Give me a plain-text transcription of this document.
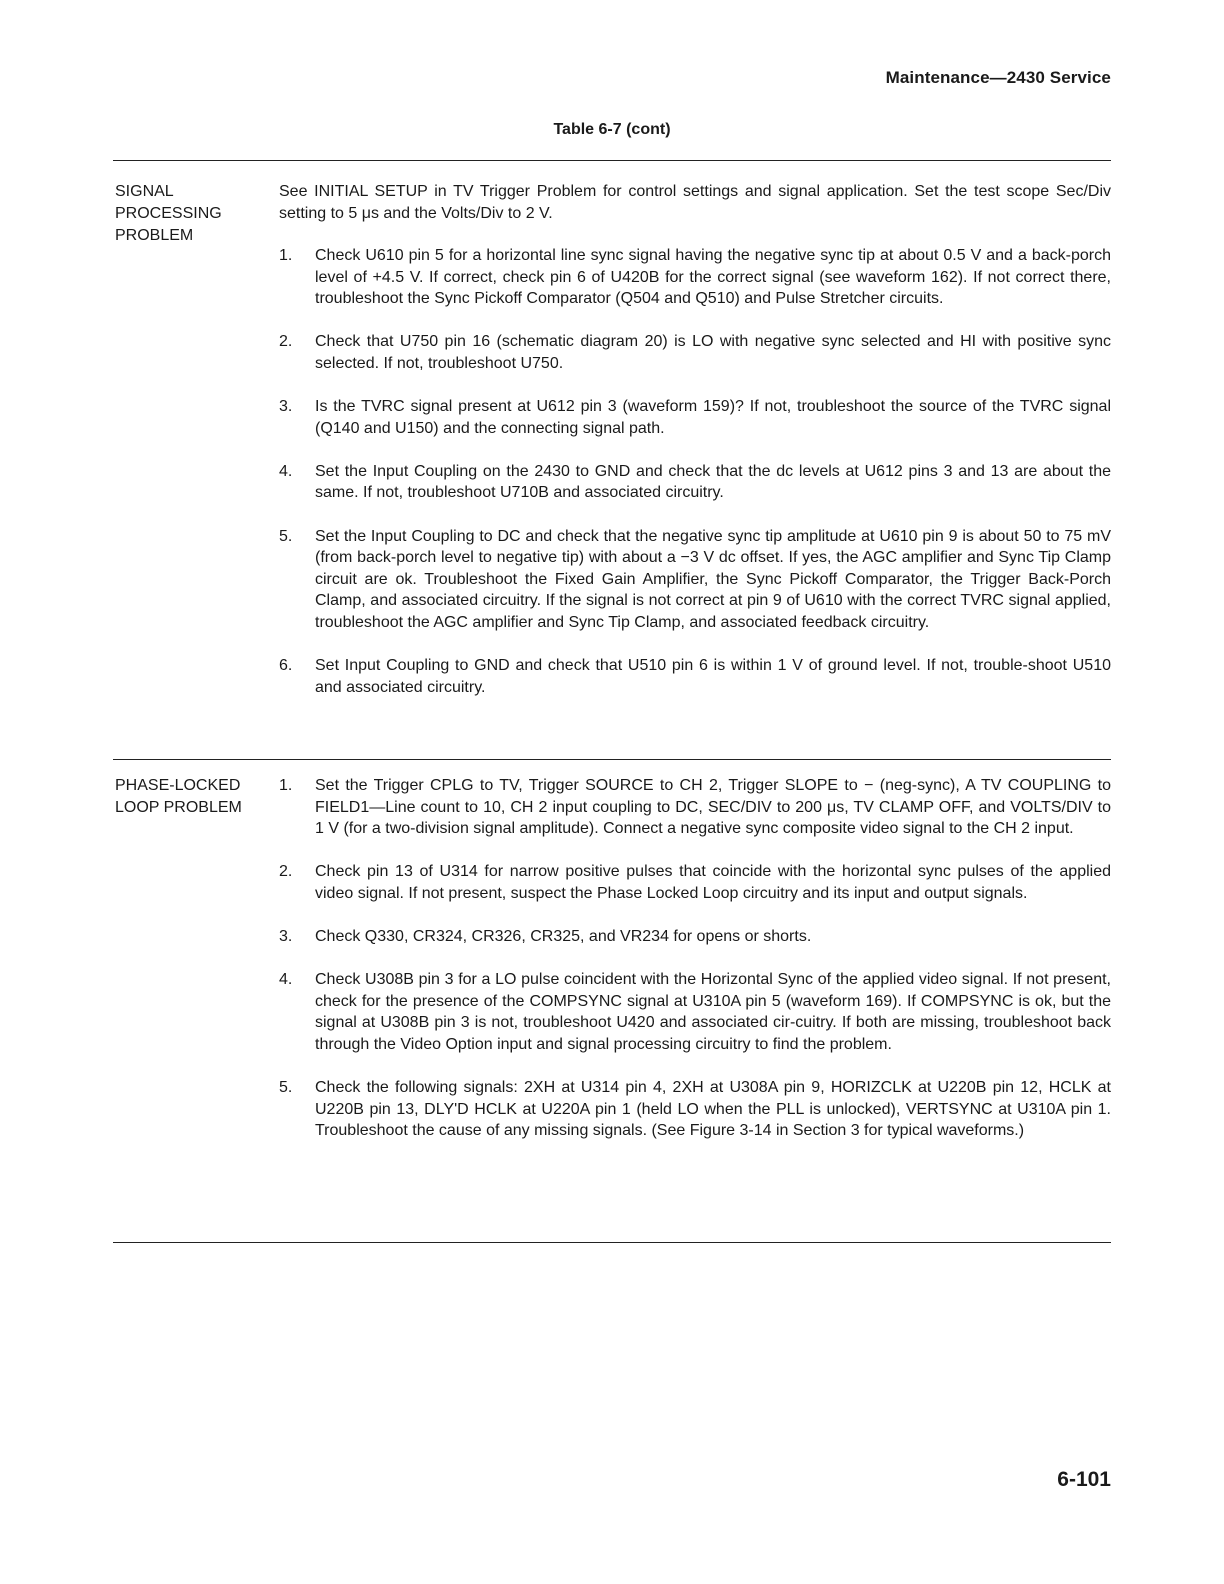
Maintenance—2430 Service
Table 6-7 (cont)
SIGNAL PROCESSING PROBLEM

See INITIAL SETUP in TV Trigger Problem for control settings and signal application. Set the test scope Sec/Div setting to 5 μs and the Volts/Div to 2 V.

1.	Check U610 pin 5 for a horizontal line sync signal having the negative sync tip at about 0.5 V and a back-porch level of +4.5 V. If correct, check pin 6 of U420B for the correct signal (see waveform 162). If not correct there, troubleshoot the Sync Pickoff Comparator (Q504 and Q510) and Pulse Stretcher circuits.
2.	Check that U750 pin 16 (schematic diagram 20) is LO with negative sync selected and HI with positive sync selected. If not, troubleshoot U750.
3.	Is the TVRC signal present at U612 pin 3 (waveform 159)? If not, troubleshoot the source of the TVRC signal (Q140 and U150) and the connecting signal path.
4.	Set the Input Coupling on the 2430 to GND and check that the dc levels at U612 pins 3 and 13 are about the same. If not, troubleshoot U710B and associated circuitry.
5.	Set the Input Coupling to DC and check that the negative sync tip amplitude at U610 pin 9 is about 50 to 75 mV (from back-porch level to negative tip) with about a −3 V dc offset. If yes, the AGC amplifier and Sync Tip Clamp circuit are ok. Troubleshoot the Fixed Gain Amplifier, the Sync Pickoff Comparator, the Trigger Back-Porch Clamp, and associated circuitry. If the signal is not correct at pin 9 of U610 with the correct TVRC signal applied, troubleshoot the AGC amplifier and Sync Tip Clamp, and associated feedback circuitry.
6.	Set Input Coupling to GND and check that U510 pin 6 is within 1 V of ground level. If not, trouble-shoot U510 and associated circuitry.
PHASE-LOCKED LOOP PROBLEM
1.	Set the Trigger CPLG to TV, Trigger SOURCE to CH 2, Trigger SLOPE to − (neg-sync), A TV COUPLING to FIELD1—Line count to 10, CH 2 input coupling to DC, SEC/DIV to 200 μs, TV CLAMP OFF, and VOLTS/DIV to 1 V (for a two-division signal amplitude). Connect a negative sync composite video signal to the CH 2 input.
2.	Check pin 13 of U314 for narrow positive pulses that coincide with the horizontal sync pulses of the applied video signal. If not present, suspect the Phase Locked Loop circuitry and its input and output signals.
3.	Check Q330, CR324, CR326, CR325, and VR234 for opens or shorts.
4.	Check U308B pin 3 for a LO pulse coincident with the Horizontal Sync of the applied video signal. If not present, check for the presence of the COMPSYNC signal at U310A pin 5 (waveform 169). If COMPSYNC is ok, but the signal at U308B pin 3 is not, troubleshoot U420 and associated cir-cuitry. If both are missing, troubleshoot back through the Video Option input and signal processing circuitry to find the problem.
5.	Check the following signals: 2XH at U314 pin 4, 2XH at U308A pin 9, HORIZCLK at U220B pin 12, HCLK at U220B pin 13, DLY'D HCLK at U220A pin 1 (held LO when the PLL is unlocked), VERTSYNC at U310A pin 1. Troubleshoot the cause of any missing signals. (See Figure 3-14 in Section 3 for typical waveforms.)
6-101
